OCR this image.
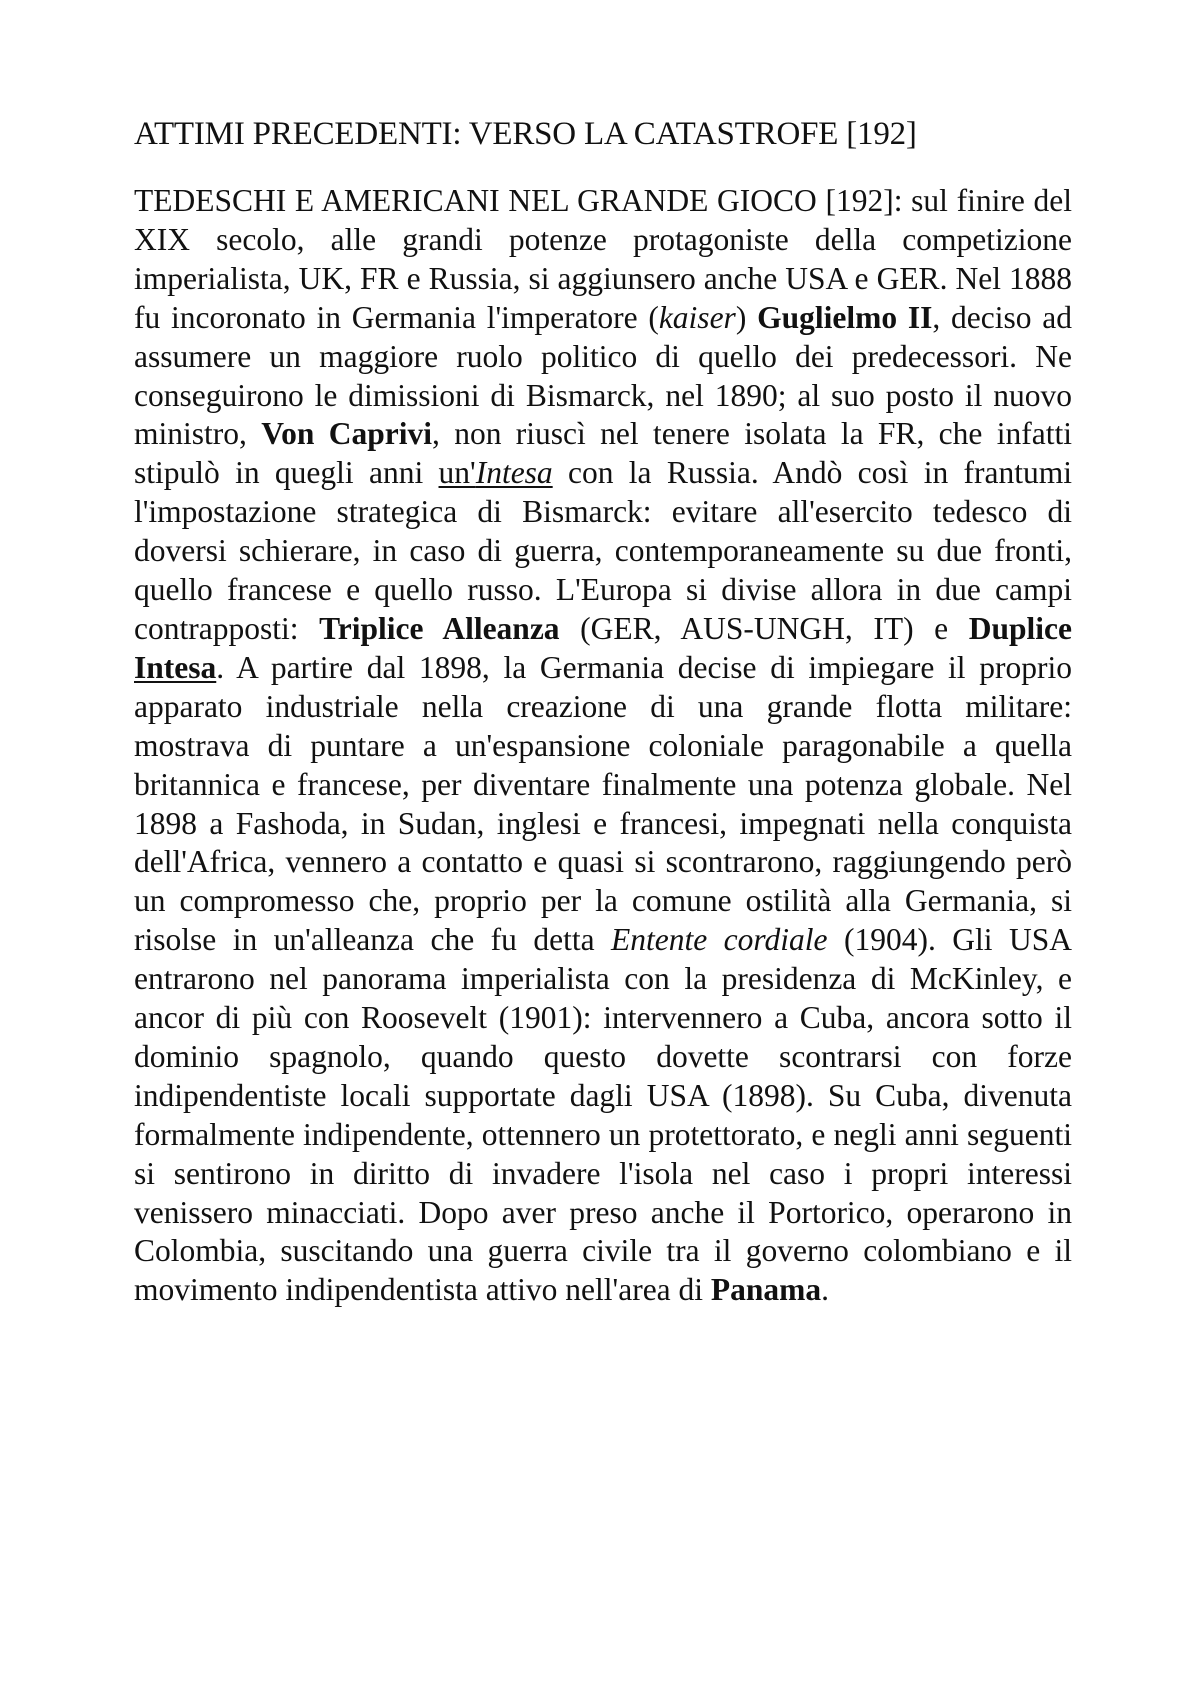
ATTIMI PRECEDENTI: VERSO LA CATASTROFE [192]

TEDESCHI E AMERICANI NEL GRANDE GIOCO [192]: sul finire del XIX secolo, alle grandi potenze protagoniste della competizione imperialista, UK, FR e Russia, si aggiunsero anche USA e GER. Nel 1888 fu incoronato in Germania l'imperatore (kaiser) Guglielmo II, deciso ad assumere un maggiore ruolo politico di quello dei predecessori. Ne conseguirono le dimissioni di Bismarck, nel 1890; al suo posto il nuovo ministro, Von Caprivi, non riuscì nel tenere isolata la FR, che infatti stipulò in quegli anni un'Intesa con la Russia. Andò così in frantumi l'impostazione strategica di Bismarck: evitare all'esercito tedesco di doversi schierare, in caso di guerra, contemporaneamente su due fronti, quello francese e quello russo. L'Europa si divise allora in due campi contrapposti: Triplice Alleanza (GER, AUS-UNGH, IT) e Duplice Intesa. A partire dal 1898, la Germania decise di impiegare il proprio apparato industriale nella creazione di una grande flotta militare: mostrava di puntare a un'espansione coloniale paragonabile a quella britannica e francese, per diventare finalmente una potenza globale. Nel 1898 a Fashoda, in Sudan, inglesi e francesi, impegnati nella conquista dell'Africa, vennero a contatto e quasi si scontrarono, raggiungendo però un compromesso che, proprio per la comune ostilità alla Germania, si risolse in un'alleanza che fu detta Entente cordiale (1904). Gli USA entrarono nel panorama imperialista con la presidenza di McKinley, e ancor di più con Roosevelt (1901): intervennero a Cuba, ancora sotto il dominio spagnolo, quando questo dovette scontrarsi con forze indipendentiste locali supportate dagli USA (1898). Su Cuba, divenuta formalmente indipendente, ottennero un protettorato, e negli anni seguenti si sentirono in diritto di invadere l'isola nel caso i propri interessi venissero minacciati. Dopo aver preso anche il Portorico, operarono in Colombia, suscitando una guerra civile tra il governo colombiano e il movimento indipendentista attivo nell'area di Panama.
